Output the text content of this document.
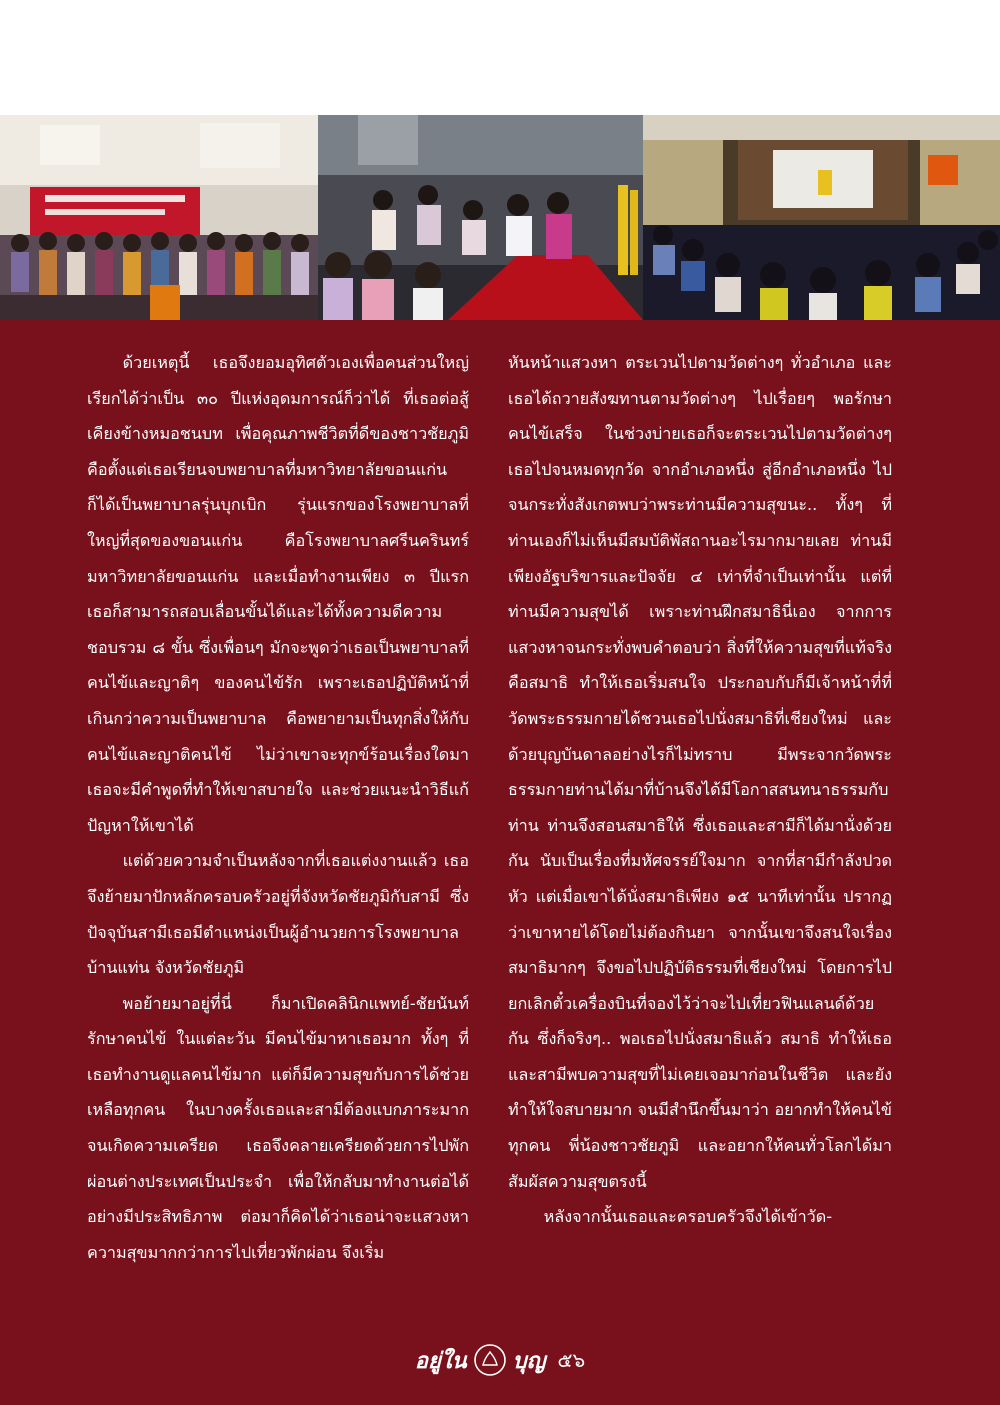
ด้วยเหตุนี้ เธอจึงยอมอุทิศตัวเองเพื่อคนส่วนใหญ่ เรียกได้ว่าเป็น ๓๐ ปีแห่งอุดมการณ์ก็ว่าได้ ที่เธอต่อสู้เคียงข้างหมอชนบท เพื่อคุณภาพชีวิตที่ดีของชาวชัยภูมิ คือตั้งแต่เธอเรียนจบพยาบาลที่มหาวิทยาลัยขอนแก่น ก็ได้เป็นพยาบาลรุ่นบุกเบิก รุ่นแรกของโรงพยาบาลที่ใหญ่ที่สุดของขอนแก่น คือโรงพยาบาลศรีนครินทร์มหาวิทยาลัยขอนแก่น และเมื่อทำงานเพียง ๓ ปีแรก เธอก็สามารถสอบเลื่อนขั้นได้และได้ทั้งความดีความชอบรวม ๘ ขั้น ซึ่งเพื่อนๆ มักจะพูดว่าเธอเป็นพยาบาลที่คนไข้และญาติๆ ของคนไข้รัก เพราะเธอปฏิบัติหน้าที่เกินกว่าความเป็นพยาบาล คือพยายามเป็นทุกสิ่งให้กับคนไข้และญาติคนไข้ ไม่ว่าเขาจะทุกข์ร้อนเรื่องใดมา เธอจะมีคำพูดที่ทำให้เขาสบายใจ และช่วยแนะนำวิธีแก้ปัญหาให้เขาได้

แต่ด้วยความจำเป็นหลังจากที่เธอแต่งงานแล้ว เธอจึงย้ายมาปักหลักครอบครัวอยู่ที่จังหวัดชัยภูมิกับสามี ซึ่งปัจจุบันสามีเธอมีตำแหน่งเป็นผู้อำนวยการโรงพยาบาลบ้านแท่น จังหวัดชัยภูมิ

พอย้ายมาอยู่ที่นี่ ก็มาเปิดคลินิกแพทย์-ชัยนันท์ รักษาคนไข้ ในแต่ละวัน มีคนไข้มาหาเธอมาก ทั้งๆ ที่เธอทำงานดูแลคนไข้มาก แต่ก็มีความสุขกับการได้ช่วยเหลือทุกคน ในบางครั้งเธอและสามีต้องแบกภาระมากจนเกิดความเครียด เธอจึงคลายเครียดด้วยการไปพักผ่อนต่างประเทศเป็นประจำ เพื่อให้กลับมาทำงานต่อได้อย่างมีประสิทธิภาพ ต่อมาก็คิดได้ว่าเธอน่าจะแสวงหาความสุขมากกว่าการไปเที่ยวพักผ่อน จึงเริ่ม

หันหน้าแสวงหา ตระเวนไปตามวัดต่างๆ ทั่วอำเภอ และเธอได้ถวายสังฆทานตามวัดต่างๆ ไปเรื่อยๆ พอรักษาคนไข้เสร็จ ในช่วงบ่ายเธอก็จะตระเวนไปตามวัดต่างๆ เธอไปจนหมดทุกวัด จากอำเภอหนึ่ง สู่อีกอำเภอหนึ่ง ไปจนกระทั่งสังเกตพบว่าพระท่านมีความสุขนะ.. ทั้งๆ ที่ท่านเองก็ไม่เห็นมีสมบัติพัสถานอะไรมากมายเลย ท่านมีเพียงอัฐบริขารและปัจจัย ๔ เท่าที่จำเป็นเท่านั้น แต่ที่ท่านมีความสุขได้ เพราะท่านฝึกสมาธินี่เอง จากการแสวงหาจนกระทั่งพบคำตอบว่า สิ่งที่ให้ความสุขที่แท้จริง คือสมาธิ ทำให้เธอเริ่มสนใจ ประกอบกับก็มีเจ้าหน้าที่ที่วัดพระธรรมกายได้ชวนเธอไปนั่งสมาธิที่เชียงใหม่ และด้วยบุญบันดาลอย่างไรก็ไม่ทราบ มีพระจากวัดพระธรรมกายท่านได้มาที่บ้านจึงได้มีโอกาสสนทนาธรรมกับท่าน ท่านจึงสอนสมาธิให้ ซึ่งเธอและสามีก็ได้มานั่งด้วยกัน นับเป็นเรื่องที่มหัศจรรย์ใจมาก จากที่สามีกำลังปวดหัว แต่เมื่อเขาได้นั่งสมาธิเพียง ๑๕ นาทีเท่านั้น ปรากฏว่าเขาหายได้โดยไม่ต้องกินยา จากนั้นเขาจึงสนใจเรื่องสมาธิมากๆ จึงขอไปปฏิบัติธรรมที่เชียงใหม่ โดยการไปยกเลิกตั๋วเครื่องบินที่จองไว้ว่าจะไปเที่ยวฟินแลนด์ด้วยกัน ซึ่งก็จริงๆ.. พอเธอไปนั่งสมาธิแล้ว สมาธิ ทำให้เธอและสามีพบความสุขที่ไม่เคยเจอมาก่อนในชีวิต และยังทำให้ใจสบายมาก จนมีสำนึกขึ้นมาว่า อยากทำให้คนไข้ทุกคน พี่น้องชาวชัยภูมิ และอยากให้คนทั่วโลกได้มาสัมผัสความสุขตรงนี้

หลังจากนั้นเธอและครอบครัวจึงได้เข้าวัด-

อยู่ใน บุญ ๕๖
